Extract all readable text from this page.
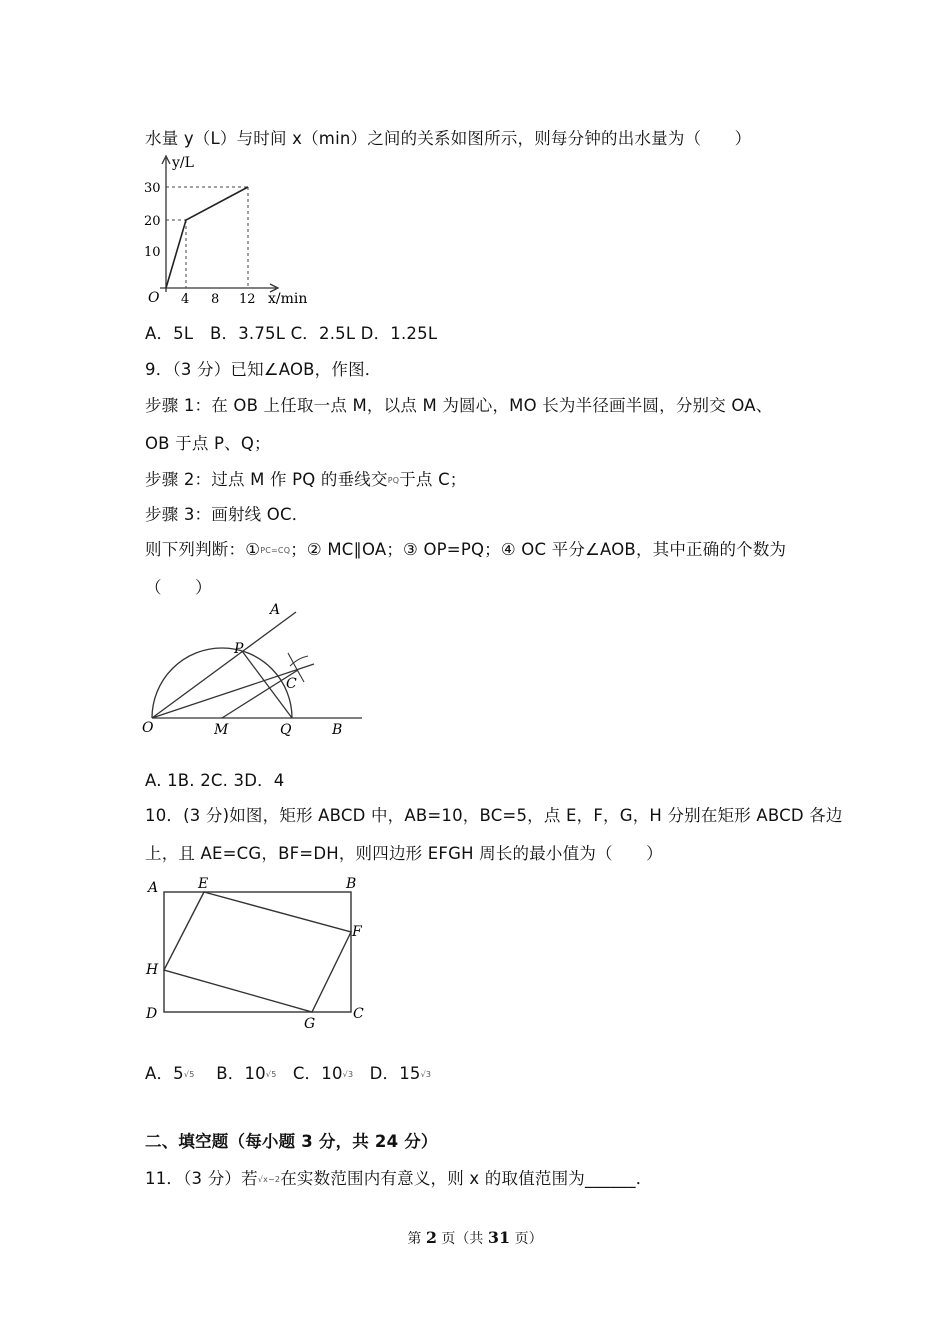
水量 y（L）与时间 x（min）之间的关系如图所示，则每分钟的出水量为（　　）
y/L
30
20
10
O 4 8 12 x/min
A．5L　B．3.75L C．2.5L D．1.25L
9．（3 分）已知∠AOB，作图．
步骤 1：在 OB 上任取一点 M，以点 M 为圆心，MO 长为半径画半圆，分别交 OA、
OB 于点 P、Q；
步骤 2：过点 M 作 PQ 的垂线交PQ于点 C；
步骤 3：画射线 OC．
则下列判断：①PC=CQ；② MC∥OA；③ OP=PQ；④ OC 平分∠AOB，其中正确的个数为
（　　）
A
P
C
O	M	Q	B
A. 1B. 2C. 3D．4
10．(3 分)如图，矩形 ABCD 中，AB=10，BC=5，点 E，F，G，H 分别在矩形 ABCD 各边
上，且 AE=CG，BF=DH，则四边形 EFGH 周长的最小值为（　　）
A	E	B
F
H
D
G
C
A．5√5 B．10√5 C．10√3 D．15√3
二、填空题（每小题 3 分，共 24 分）
11．（3 分）若√x−2在实数范围内有意义，则 x 的取值范围为______．
第 2 页（共 31 页）
